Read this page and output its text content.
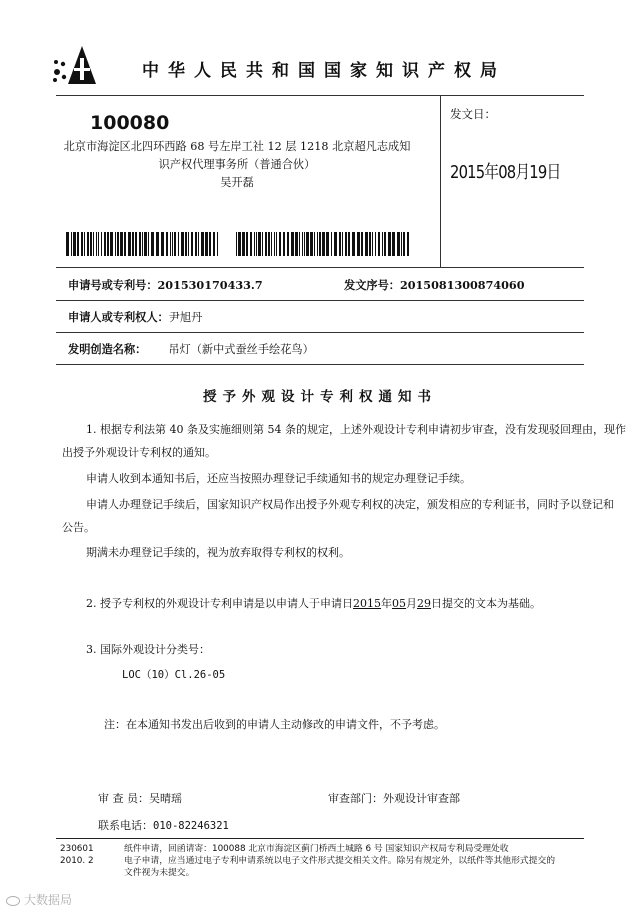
中华人民共和国国家知识产权局
100080
北京市海淀区北四环西路 68 号左岸工社 12 层 1218 北京超凡志成知
识产权代理事务所（普通合伙）
吴开磊
发文日：
2015年08月19日
申请号或专利号：201530170433.7	发文序号：2015081300874060
申请人或专利权人：尹旭丹
发明创造名称： 吊灯（新中式蚕丝手绘花鸟）
授予外观设计专利权通知书
1. 根据专利法第 40 条及实施细则第 54 条的规定，上述外观设计专利申请初步审查，没有发现驳回理由，现作
出授予外观设计专利权的通知。
申请人收到本通知书后，还应当按照办理登记手续通知书的规定办理登记手续。
申请人办理登记手续后，国家知识产权局作出授予外观专利权的决定，颁发相应的专利证书，同时予以登记和
公告。
期满未办理登记手续的，视为放弃取得专利权的权利。
2. 授予专利权的外观设计专利申请是以申请人于申请日2015年05月29日提交的文本为基础。
3. 国际外观设计分类号：
LOC（10）Cl.26-05
注：在本通知书发出后收到的申请人主动修改的申请文件，不予考虑。
审 查 员：吴晴瑶	审查部门：外观设计审查部
联系电话：010-82246321
230601
2010. 2
纸件申请，回函请寄：100088 北京市海淀区蓟门桥西土城路 6 号 国家知识产权局专利局受理处收
电子申请，应当通过电子专利申请系统以电子文件形式提交相关文件。除另有规定外，以纸件等其他形式提交的
文件视为未提交。
大数据局
